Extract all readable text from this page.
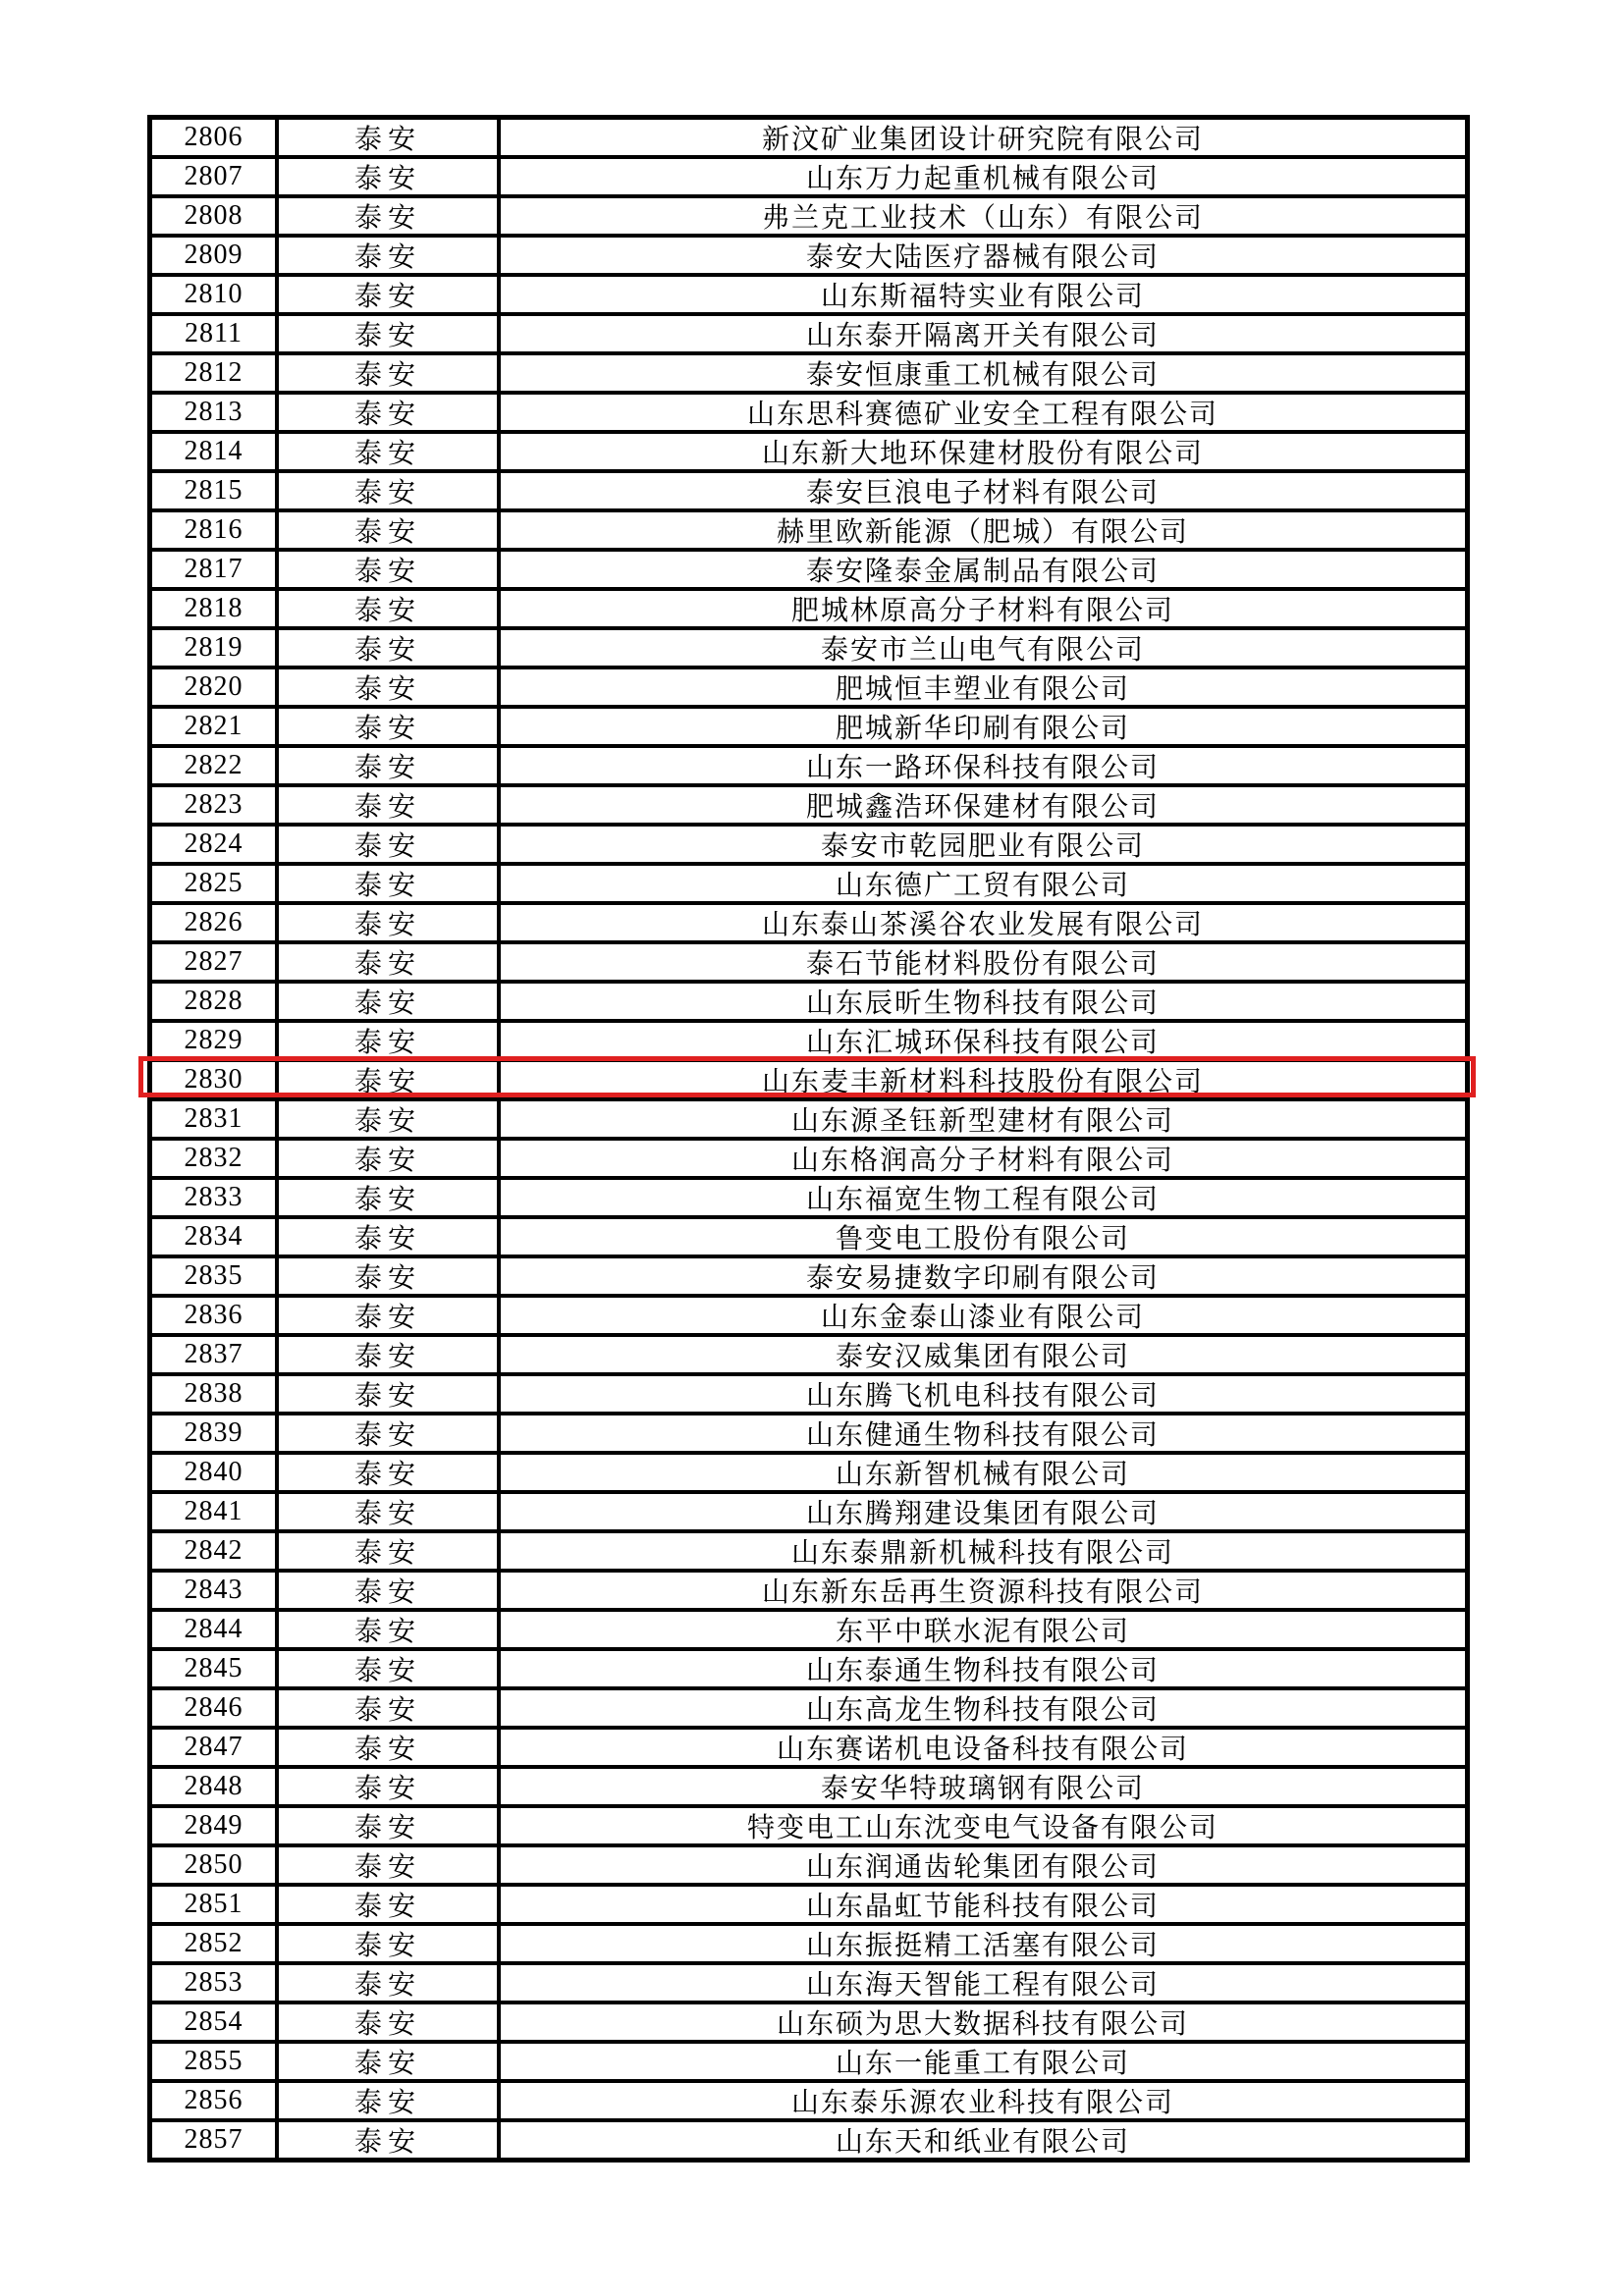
2806	泰安	新汶矿业集团设计研究院有限公司
2807	泰安	山东万力起重机械有限公司
2808	泰安	弗兰克工业技术（山东）有限公司
2809	泰安	泰安大陆医疗器械有限公司
2810	泰安	山东斯福特实业有限公司
2811	泰安	山东泰开隔离开关有限公司
2812	泰安	泰安恒康重工机械有限公司
2813	泰安	山东思科赛德矿业安全工程有限公司
2814	泰安	山东新大地环保建材股份有限公司
2815	泰安	泰安巨浪电子材料有限公司
2816	泰安	赫里欧新能源（肥城）有限公司
2817	泰安	泰安隆泰金属制品有限公司
2818	泰安	肥城林原高分子材料有限公司
2819	泰安	泰安市兰山电气有限公司
2820	泰安	肥城恒丰塑业有限公司
2821	泰安	肥城新华印刷有限公司
2822	泰安	山东一路环保科技有限公司
2823	泰安	肥城鑫浩环保建材有限公司
2824	泰安	泰安市乾园肥业有限公司
2825	泰安	山东德广工贸有限公司
2826	泰安	山东泰山茶溪谷农业发展有限公司
2827	泰安	泰石节能材料股份有限公司
2828	泰安	山东辰昕生物科技有限公司
2829	泰安	山东汇城环保科技有限公司
2830	泰安	山东麦丰新材料科技股份有限公司
2831	泰安	山东源圣钰新型建材有限公司
2832	泰安	山东格润高分子材料有限公司
2833	泰安	山东福宽生物工程有限公司
2834	泰安	鲁变电工股份有限公司
2835	泰安	泰安易捷数字印刷有限公司
2836	泰安	山东金泰山漆业有限公司
2837	泰安	泰安汉威集团有限公司
2838	泰安	山东腾飞机电科技有限公司
2839	泰安	山东健通生物科技有限公司
2840	泰安	山东新智机械有限公司
2841	泰安	山东腾翔建设集团有限公司
2842	泰安	山东泰鼎新机械科技有限公司
2843	泰安	山东新东岳再生资源科技有限公司
2844	泰安	东平中联水泥有限公司
2845	泰安	山东泰通生物科技有限公司
2846	泰安	山东高龙生物科技有限公司
2847	泰安	山东赛诺机电设备科技有限公司
2848	泰安	泰安华特玻璃钢有限公司
2849	泰安	特变电工山东沈变电气设备有限公司
2850	泰安	山东润通齿轮集团有限公司
2851	泰安	山东晶虹节能科技有限公司
2852	泰安	山东振挺精工活塞有限公司
2853	泰安	山东海天智能工程有限公司
2854	泰安	山东硕为思大数据科技有限公司
2855	泰安	山东一能重工有限公司
2856	泰安	山东泰乐源农业科技有限公司
2857	泰安	山东天和纸业有限公司
